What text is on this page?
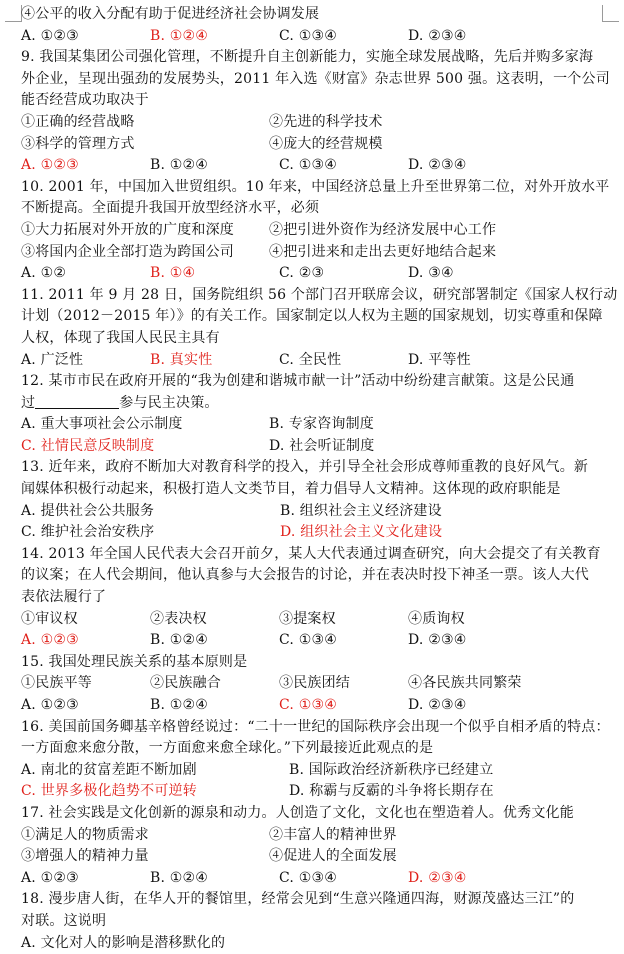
④公平的收入分配有助于促进经济社会协调发展
A. ①②③	B. ①②④	C. ①③④	D. ②③④
9. 我国某集团公司强化管理，不断提升自主创新能力，实施全球发展战略，先后并购多家海
外企业，呈现出强劲的发展势头，2011 年入选《财富》杂志世界 500 强。这表明，一个公司
能否经营成功取决于
①正确的经营战略	②先进的科学技术
③科学的管理方式	④庞大的经营规模
A. ①②③	B. ①②④	C. ①③④	D. ②③④
10. 2001 年，中国加入世贸组织。10 年来，中国经济总量上升至世界第二位，对外开放水平
不断提高。全面提升我国开放型经济水平，必须
①大力拓展对外开放的广度和深度	②把引进外资作为经济发展中心工作
③将国内企业全部打造为跨国公司	④把引进来和走出去更好地结合起来
A. ①②	B. ①④	C. ②③	D. ③④
11. 2011 年 9 月 28 日，国务院组织 56 个部门召开联席会议，研究部署制定《国家人权行动
计划（2012－2015 年）》的有关工作。国家制定以人权为主题的国家规划，切实尊重和保障
人权，体现了我国人民民主具有
A. 广泛性	B. 真实性	C. 全民性	D. 平等性
12. 某市市民在政府开展的“我为创建和谐城市献一计”活动中纷纷建言献策。这是公民通
过	参与民主决策。
A. 重大事项社会公示制度	B. 专家咨询制度
C. 社情民意反映制度	D. 社会听证制度
13. 近年来，政府不断加大对教育科学的投入，并引导全社会形成尊师重教的良好风气。新
闻媒体积极行动起来，积极打造人文类节目，着力倡导人文精神。这体现的政府职能是
A. 提供社会公共服务	B. 组织社会主义经济建设
C. 维护社会治安秩序	D. 组织社会主义文化建设
14. 2013 年全国人民代表大会召开前夕，某人大代表通过调查研究，向大会提交了有关教育
的议案；在人代会期间，他认真参与大会报告的讨论，并在表决时投下神圣一票。该人大代
表依法履行了
①审议权	②表决权	③提案权	④质询权
A. ①②③	B. ①②④	C. ①③④	D. ②③④
15. 我国处理民族关系的基本原则是
①民族平等	②民族融合	③民族团结	④各民族共同繁荣
A. ①②③	B. ①②④	C. ①③④	D. ②③④
16. 美国前国务卿基辛格曾经说过：“二十一世纪的国际秩序会出现一个似乎自相矛盾的特点：
一方面愈来愈分散，一方面愈来愈全球化。”下列最接近此观点的是
A. 南北的贫富差距不断加剧	B. 国际政治经济新秩序已经建立
C. 世界多极化趋势不可逆转	D. 称霸与反霸的斗争将长期存在
17. 社会实践是文化创新的源泉和动力。人创造了文化，文化也在塑造着人。优秀文化能
①满足人的物质需求	②丰富人的精神世界
③增强人的精神力量	④促进人的全面发展
A. ①②③	B. ①②④	C. ①③④	D. ②③④
18. 漫步唐人街，在华人开的餐馆里，经常会见到“生意兴隆通四海，财源茂盛达三江”的
对联。这说明
A. 文化对人的影响是潜移默化的
